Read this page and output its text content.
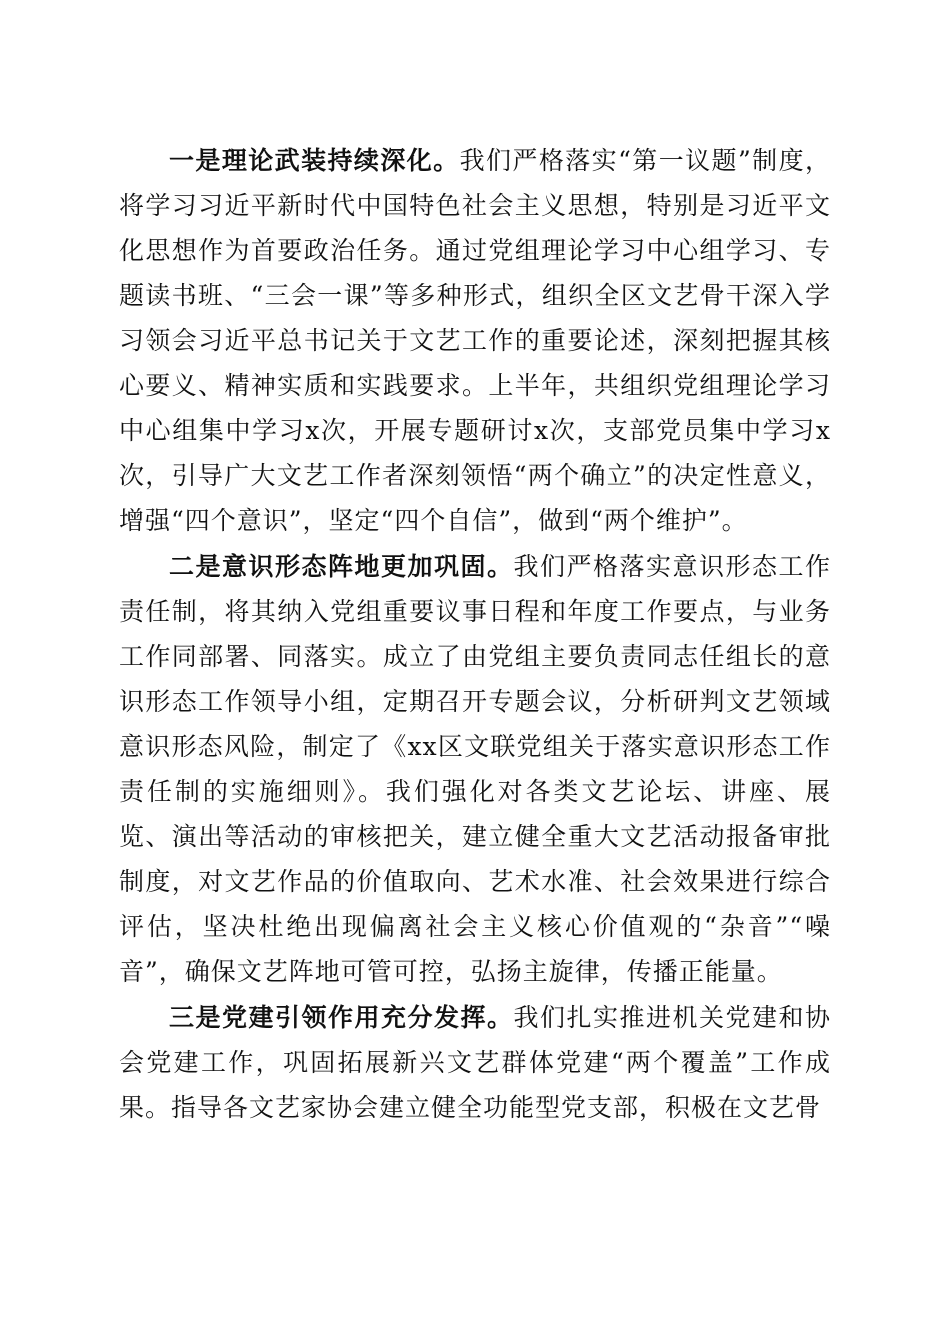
一是理论武装持续深化。我们严格落实“第一议题”制度，将学习习近平新时代中国特色社会主义思想，特别是习近平文化思想作为首要政治任务。通过党组理论学习中心组学习、专题读书班、“三会一课”等多种形式，组织全区文艺骨干深入学习领会习近平总书记关于文艺工作的重要论述，深刻把握其核心要义、精神实质和实践要求。上半年，共组织党组理论学习中心组集中学习x次，开展专题研讨x次，支部党员集中学习x次，引导广大文艺工作者深刻领悟“两个确立”的决定性意义，增强“四个意识”，坚定“四个自信”，做到“两个维护”。

二是意识形态阵地更加巩固。我们严格落实意识形态工作责任制，将其纳入党组重要议事日程和年度工作要点，与业务工作同部署、同落实。成立了由党组主要负责同志任组长的意识形态工作领导小组，定期召开专题会议，分析研判文艺领域意识形态风险，制定了《xx区文联党组关于落实意识形态工作责任制的实施细则》。我们强化对各类文艺论坛、讲座、展览、演出等活动的审核把关，建立健全重大文艺活动报备审批制度，对文艺作品的价值取向、艺术水准、社会效果进行综合评估，坚决杜绝出现偏离社会主义核心价值观的“杂音”“噪音”，确保文艺阵地可管可控，弘扬主旋律，传播正能量。

三是党建引领作用充分发挥。我们扎实推进机关党建和协会党建工作，巩固拓展新兴文艺群体党建“两个覆盖”工作成果。指导各文艺家协会建立健全功能型党支部，积极在文艺骨
